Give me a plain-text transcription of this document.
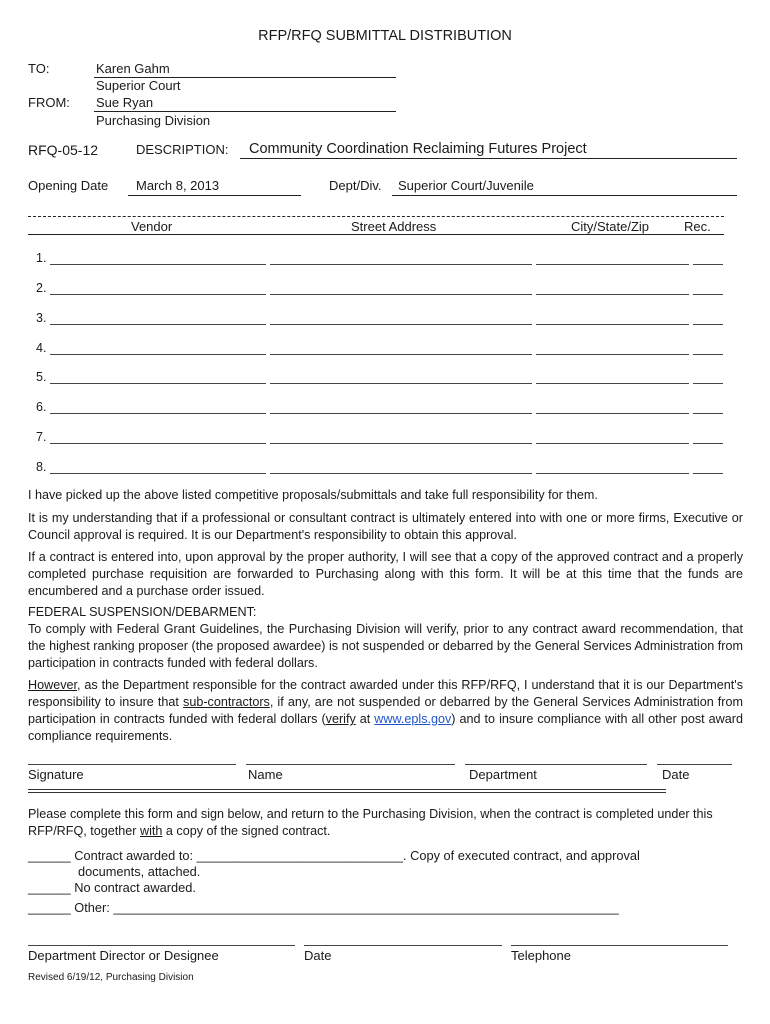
RFP/RFQ SUBMITTAL DISTRIBUTION
TO:	Karen Gahm
Superior Court
FROM: Sue Ryan
Purchasing Division
RFQ-05-12	DESCRIPTION: Community Coordination Reclaiming Futures Project
Opening Date March 8, 2013	Dept/Div. Superior Court/Juvenile
Vendor	Street Address	City/State/Zip	Rec.
1.
2.
3.
4.
5.
6.
7.
8.
I have picked up the above listed competitive proposals/submittals and take full responsibility for them.
It is my understanding that if a professional or consultant contract is ultimately entered into with one or more firms, Executive or Council approval is required. It is our Department's responsibility to obtain this approval.
If a contract is entered into, upon approval by the proper authority, I will see that a copy of the approved contract and a properly completed purchase requisition are forwarded to Purchasing along with this form. It will be at this time that the funds are encumbered and a purchase order issued.
FEDERAL SUSPENSION/DEBARMENT:
To comply with Federal Grant Guidelines, the Purchasing Division will verify, prior to any contract award recommendation, that the highest ranking proposer (the proposed awardee) is not suspended or debarred by the General Services Administration from participation in contracts funded with federal dollars.
However, as the Department responsible for the contract awarded under this RFP/RFQ, I understand that it is our Department's responsibility to insure that sub-contractors, if any, are not suspended or debarred by the General Services Administration from participation in contracts funded with federal dollars (verify at www.epls.gov) and to insure compliance with all other post award compliance requirements.
Signature	Name	Department	Date
Please complete this form and sign below, and return to the Purchasing Division, when the contract is completed under this RFP/RFQ, together with a copy of the signed contract.
______ Contract awarded to: _____________________________. Copy of executed contract, and approval
documents, attached.
______ No contract awarded.
______ Other: _______________________________________________________________________
Department Director or Designee	Date	Telephone
Revised 6/19/12, Purchasing Division
